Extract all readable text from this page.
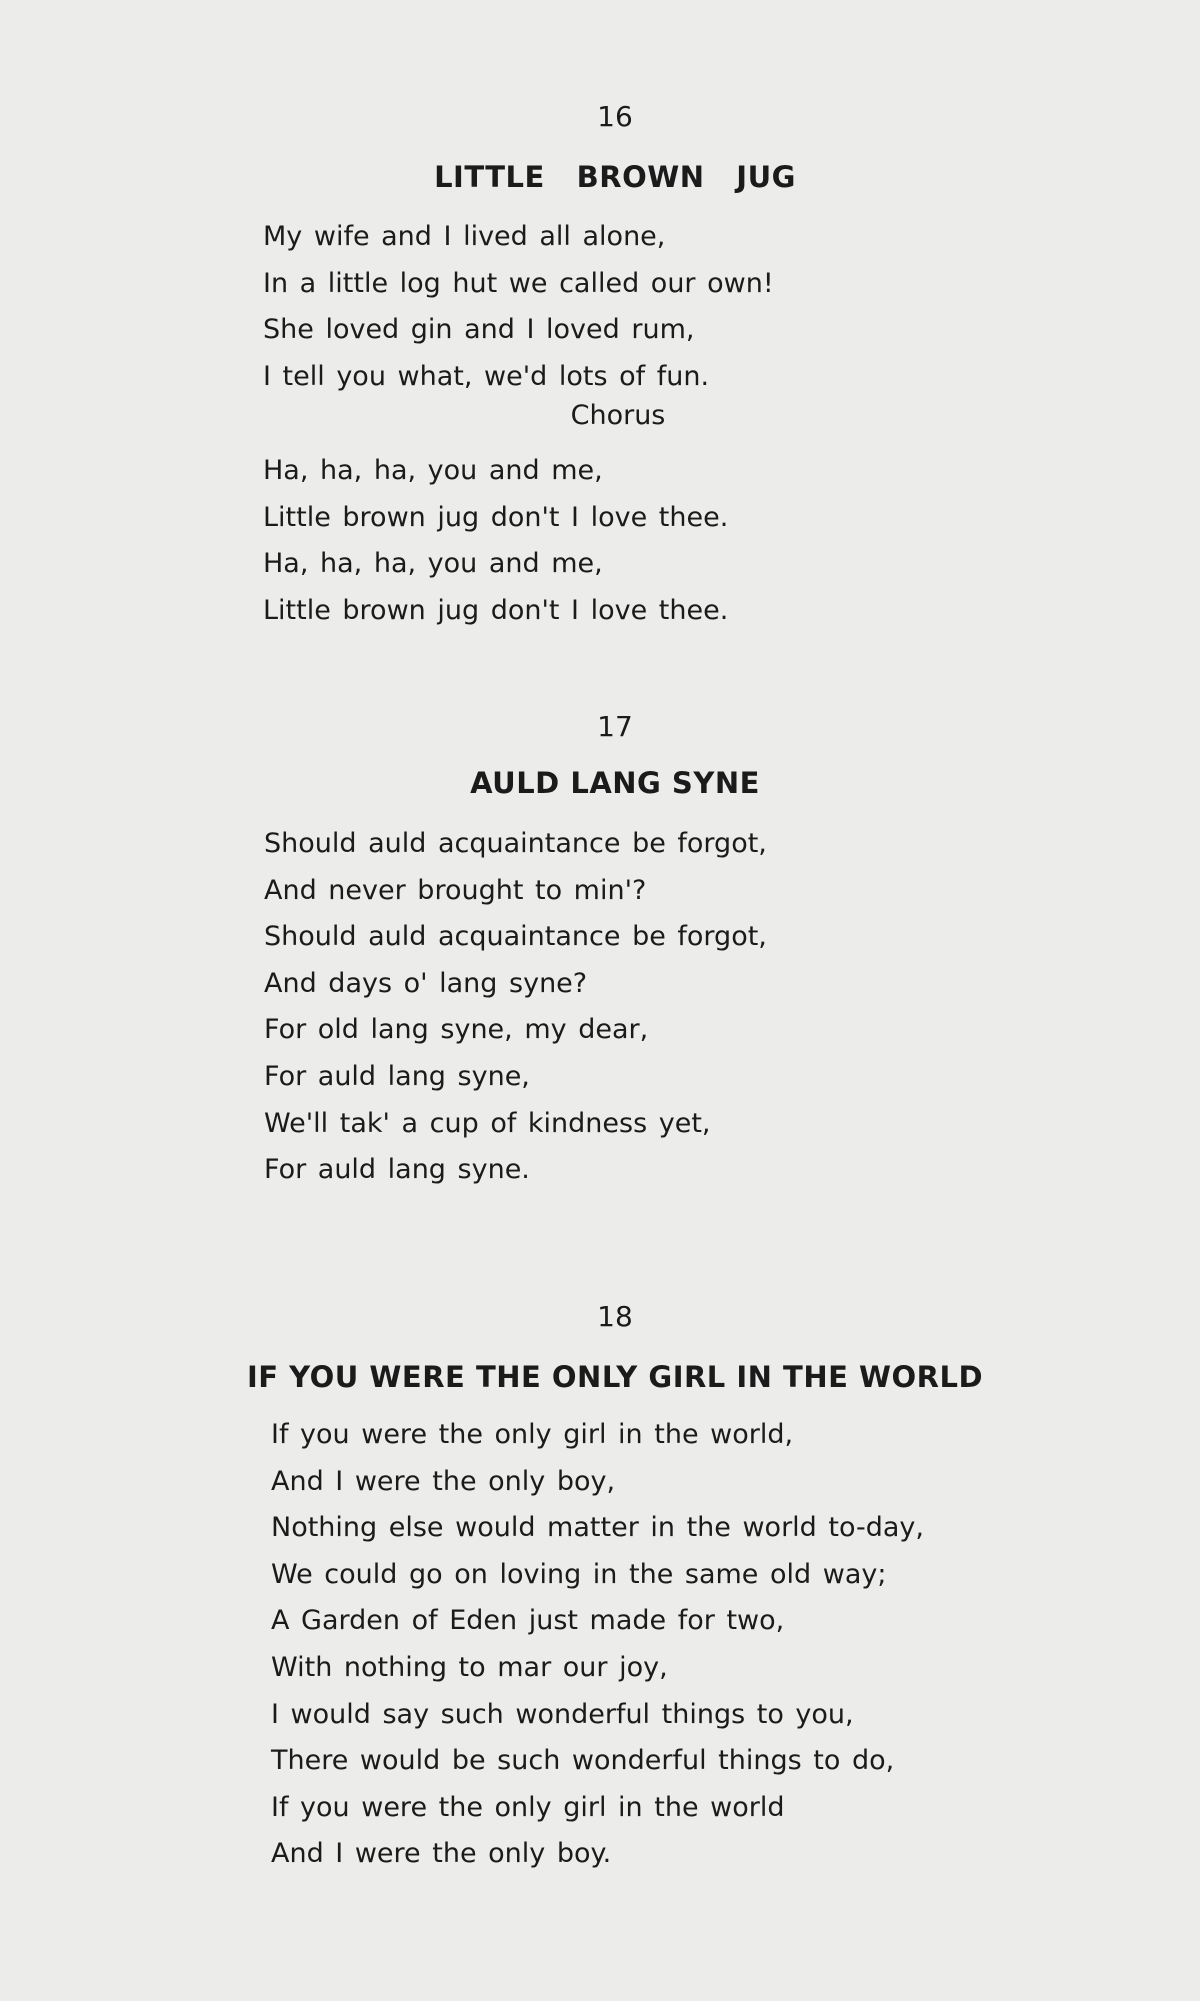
16
LITTLE   BROWN   JUG
My wife and I lived all alone,
In a little log hut we called our own!
She loved gin and I loved rum,
I tell you what, we'd lots of fun.
Chorus
Ha, ha, ha, you and me,
Little brown jug don't I love thee.
Ha, ha, ha, you and me,
Little brown jug don't I love thee.
17
AULD LANG SYNE
Should auld acquaintance be forgot,
And never brought to min'?
Should auld acquaintance be forgot,
And days o' lang syne?
For old lang syne, my dear,
For auld lang syne,
We'll tak' a cup of kindness yet,
For auld lang syne.
18
IF YOU WERE THE ONLY GIRL IN THE WORLD
If you were the only girl in the world,
And I were the only boy,
Nothing else would matter in the world to-day,
We could go on loving in the same old way;
A Garden of Eden just made for two,
With nothing to mar our joy,
I would say such wonderful things to you,
There would be such wonderful things to do,
If you were the only girl in the world
And I were the only boy.
